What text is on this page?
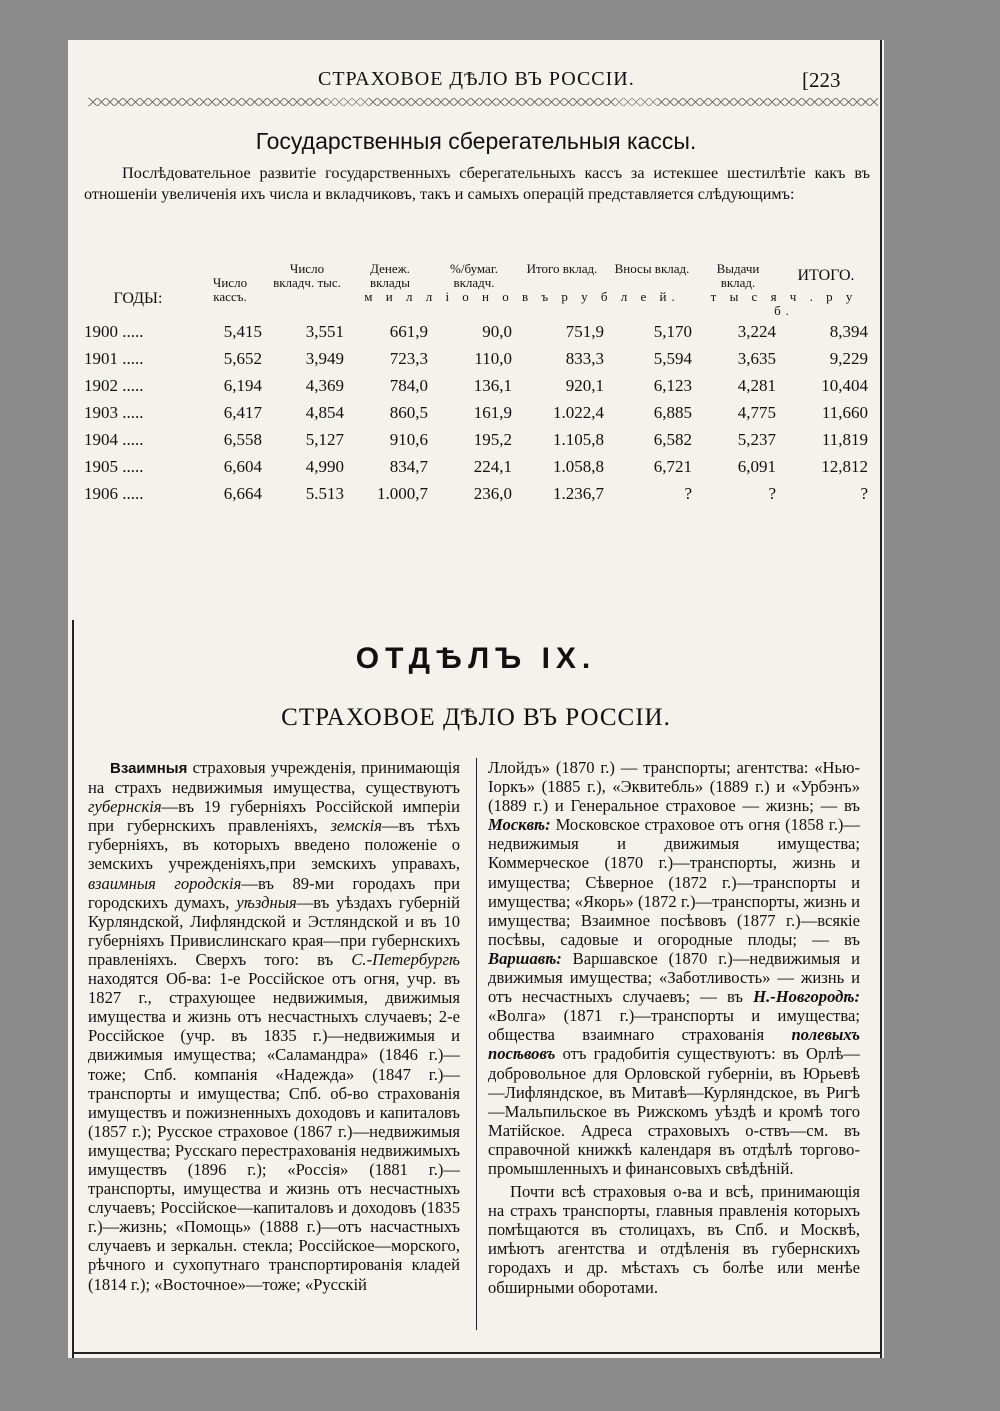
СТРАХОВОЕ ДѢЛО ВЪ РОССІИ.	[223
Государственныя сберегательныя кассы.
Послѣдовательное развитіе государственныхъ сберегательныхъ кассъ за истекшее шестилѣтіе какъ въ отношеніи увеличенія ихъ числа и вкладчиковъ, такъ и самыхъ операцій представляется слѣдующимъ:
ГОДЫ:	Число кассъ.	Число вкладч. тыс.	Денеж. вклады	%/бумаг. вкладч.	Итого вклад.	Вносы вклад.	Выдачи вклад.	ИТОГО.
			м и л л і о н о в ъ р у б л е й.				т ы с я ч . р у б.	
1900 .....	5,415	3,551	661,9	90,0	751,9	5,170	3,224	8,394
1901 .....	5,652	3,949	723,3	110,0	833,3	5,594	3,635	9,229
1902 .....	6,194	4,369	784,0	136,1	920,1	6,123	4,281	10,404
1903 .....	6,417	4,854	860,5	161,9	1.022,4	6,885	4,775	11,660
1904 .....	6,558	5,127	910,6	195,2	1.105,8	6,582	5,237	11,819
1905 .....	6,604	4,990	834,7	224,1	1.058,8	6,721	6,091	12,812
1906 .....	6,664	5.513	1.000,7	236,0	1.236,7	?	?	?
ОТДѢЛЪ IX.
СТРАХОВОЕ ДѢЛО ВЪ РОССІИ.

Взаимныя страховыя учрежденія, принимающія на страхъ недвижимыя имущества, существуютъ губернскія—въ 19 губерніяхъ Россійской имперіи при губернскихъ правленіяхъ, земскія—въ тѣхъ губерніяхъ, въ которыхъ введено положеніе о земскихъ учрежденіяхъ,при земскихъ управахъ, взаимныя городскія—въ 89-ми городахъ при городскихъ думахъ, уѣздныя—въ уѣздахъ губерній Курляндской, Лифляндской и Эстляндской и въ 10 губерніяхъ Привислинскаго края—при губернскихъ правленіяхъ. Сверхъ того: въ С.-Петербургѣ находятся Об-ва: 1-е Россійское отъ огня, учр. въ 1827 г., страхующее недвижимыя, движимыя имущества и жизнь отъ несчастныхъ случаевъ; 2-е Россійское (учр. въ 1835 г.)—недвижимыя и движимыя имущества; «Саламандра» (1846 г.)—тоже; Спб. компанія «Надежда» (1847 г.)—транспорты и имущества; Спб. об-во страхованія имуществъ и пожизненныхъ доходовъ и капиталовъ (1857 г.); Русское страховое (1867 г.)—недвижимыя имущества; Русскаго перестрахованія недвижимыхъ имуществъ (1896 г.); «Россія» (1881 г.)—транспорты, имущества и жизнь отъ несчастныхъ случаевъ; Россійское—капиталовъ и доходовъ (1835 г.)—жизнь; «Помощь» (1888 г.)—отъ насчастныхъ случаевъ и зеркальн. стекла; Россійское—морского, рѣчного и сухопутнаго транспортированія кладей (1814 г.); «Восточное»—тоже; «Русскій

Ллойдъ» (1870 г.) — транспорты; агентства: «Нью-Іоркъ» (1885 г.), «Эквитебль» (1889 г.) и «Урбэнъ» (1889 г.) и Генеральное страховое — жизнь; — въ Москвѣ: Московское страховое отъ огня (1858 г.)—недвижимыя и движимыя имущества; Коммерческое (1870 г.)—транспорты, жизнь и имущества; Сѣверное (1872 г.)—транспорты и имущества; «Якорь» (1872 г.)—транспорты, жизнь и имущества; Взаимное посѣвовъ (1877 г.)—всякіе посѣвы, садовые и огородные плоды; — въ Варшавѣ: Варшавское (1870 г.)—недвижимыя и движимыя имущества; «Заботливость» — жизнь и отъ несчастныхъ случаевъ; — въ Н.-Новгородѣ: «Волга» (1871 г.)—транспорты и имущества; общества взаимнаго страхованія полевыхъ посѣвовъ отъ градобитія существуютъ: въ Орлѣ—добровольное для Орловской губерніи, въ Юрьевѣ—Лифляндское, въ Митавѣ—Курляндское, въ Ригѣ—Мальпильское въ Рижскомъ уѣздѣ и кромѣ того Матійское. Адреса страховыхъ о-ствъ—см. въ справочной книжкѣ календаря въ отдѣлѣ торгово-промышленныхъ и финансовыхъ свѣдѣній.

Почти всѣ страховыя о-ва и всѣ, принимающія на страхъ транспорты, главныя правленія которыхъ помѣщаются въ столицахъ, въ Спб. и Москвѣ, имѣютъ агентства и отдѣленія въ губернскихъ городахъ и др. мѣстахъ съ болѣе или менѣе обширными оборотами.
